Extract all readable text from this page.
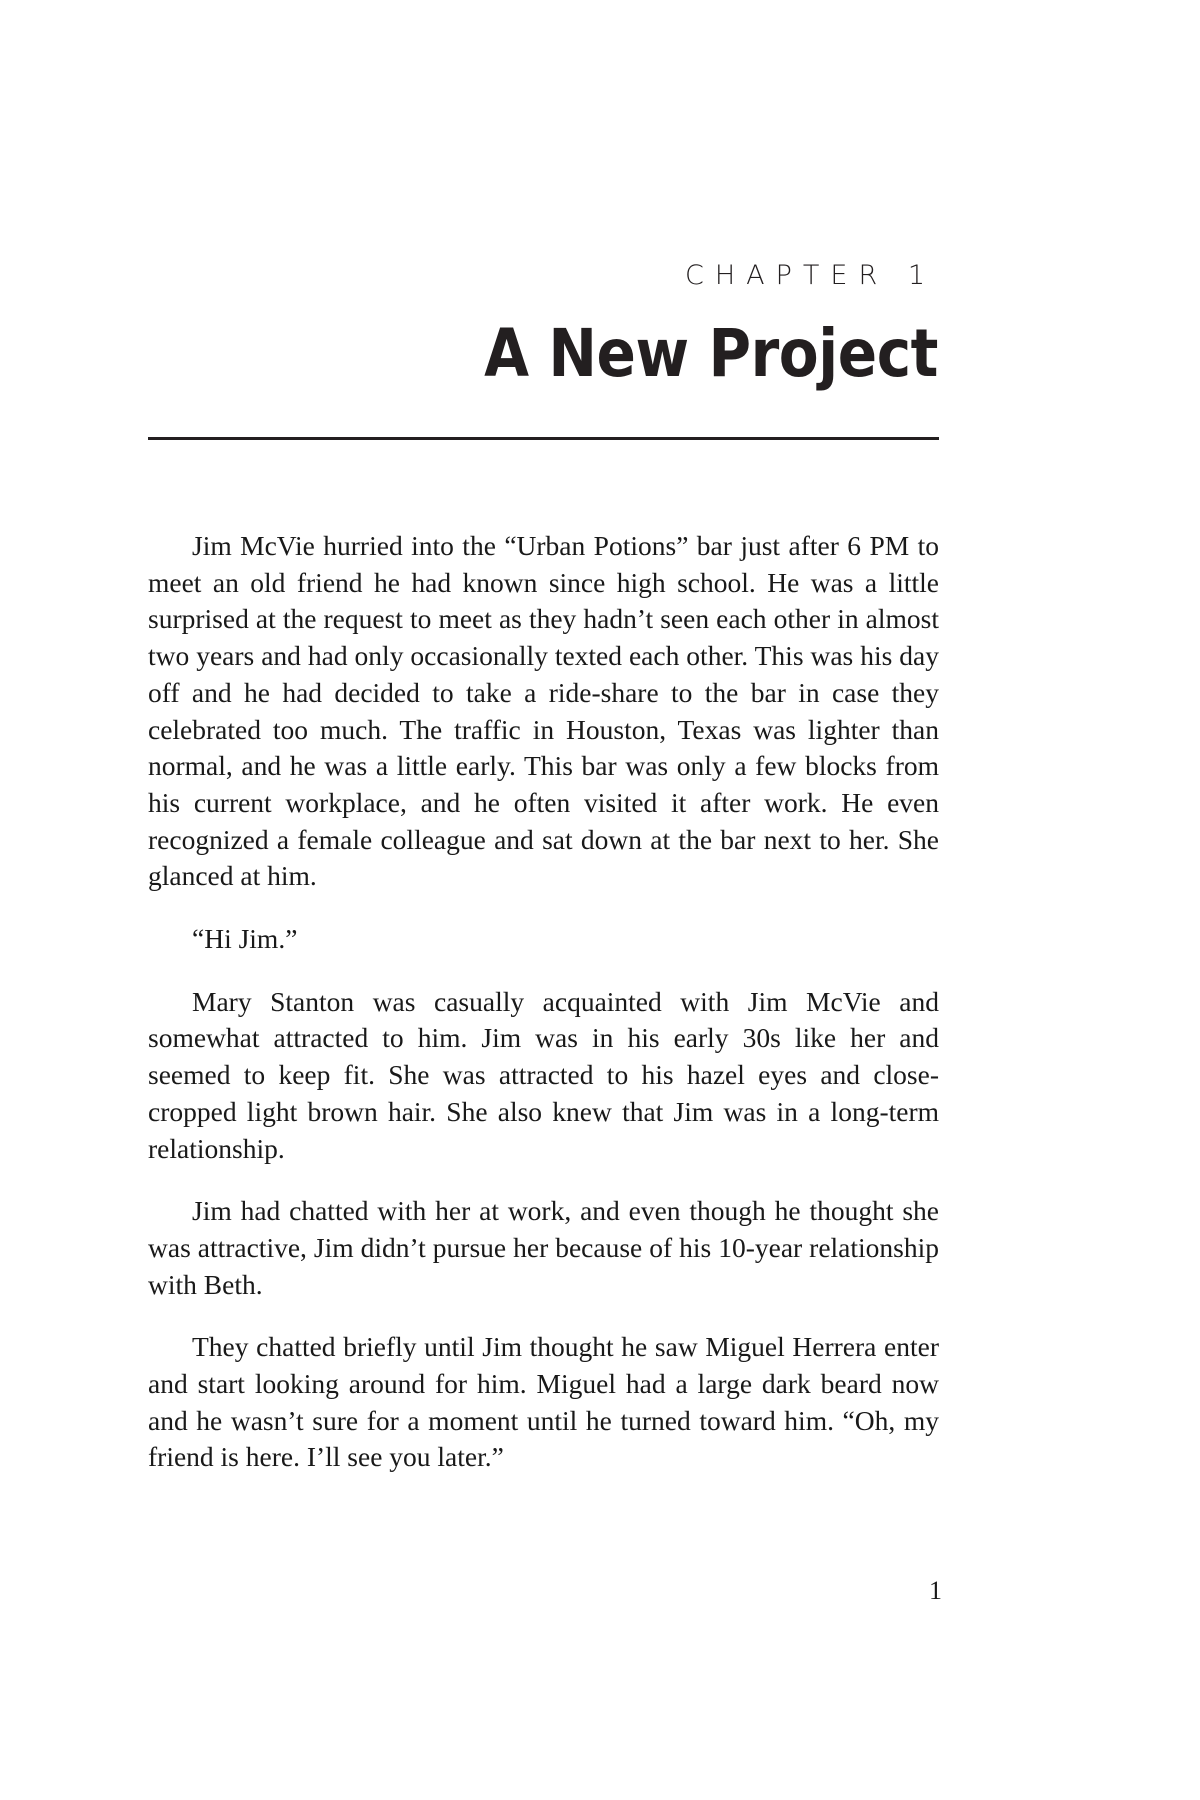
CHAPTER 1
A New Project

Jim McVie hurried into the “Urban Potions” bar just after 6 PM to meet an old friend he had known since high school. He was a little surprised at the request to meet as they hadn’t seen each other in almost two years and had only occasionally texted each other. This was his day off and he had decided to take a ride-share to the bar in case they celebrated too much. The traffic in Houston, Texas was lighter than normal, and he was a little early. This bar was only a few blocks from his current workplace, and he often visited it after work. He even recognized a female colleague and sat down at the bar next to her. She glanced at him.

“Hi Jim.”

Mary Stanton was casually acquainted with Jim McVie and somewhat attracted to him. Jim was in his early 30s like her and seemed to keep fit. She was attracted to his hazel eyes and close-cropped light brown hair. She also knew that Jim was in a long-term relationship.

Jim had chatted with her at work, and even though he thought she was attractive, Jim didn’t pursue her because of his 10-year relationship with Beth.

They chatted briefly until Jim thought he saw Miguel Herrera enter and start looking around for him. Miguel had a large dark beard now and he wasn’t sure for a moment until he turned toward him. “Oh, my friend is here. I’ll see you later.”

1
